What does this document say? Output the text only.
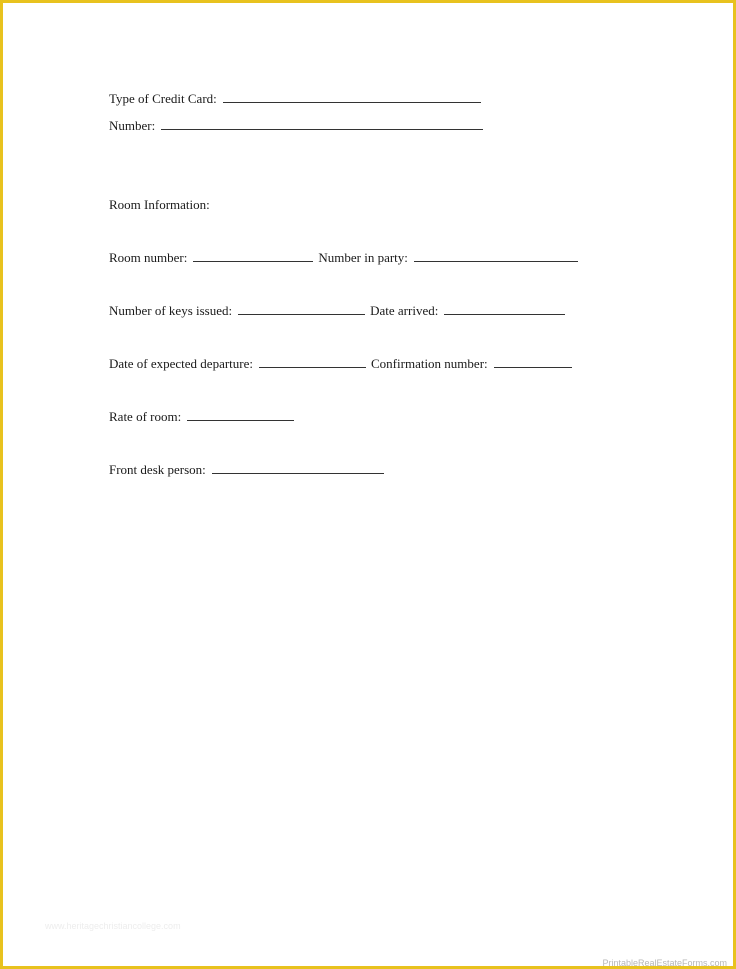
Type of Credit Card:
Number:
Room Information:
Room number:	Number in party:
Number of keys issued:	Date arrived:
Date of expected departure:	Confirmation number:
Rate of room:
Front desk person:
www.heritagechristiancollege.com
PrintableRealEstateForms.com
